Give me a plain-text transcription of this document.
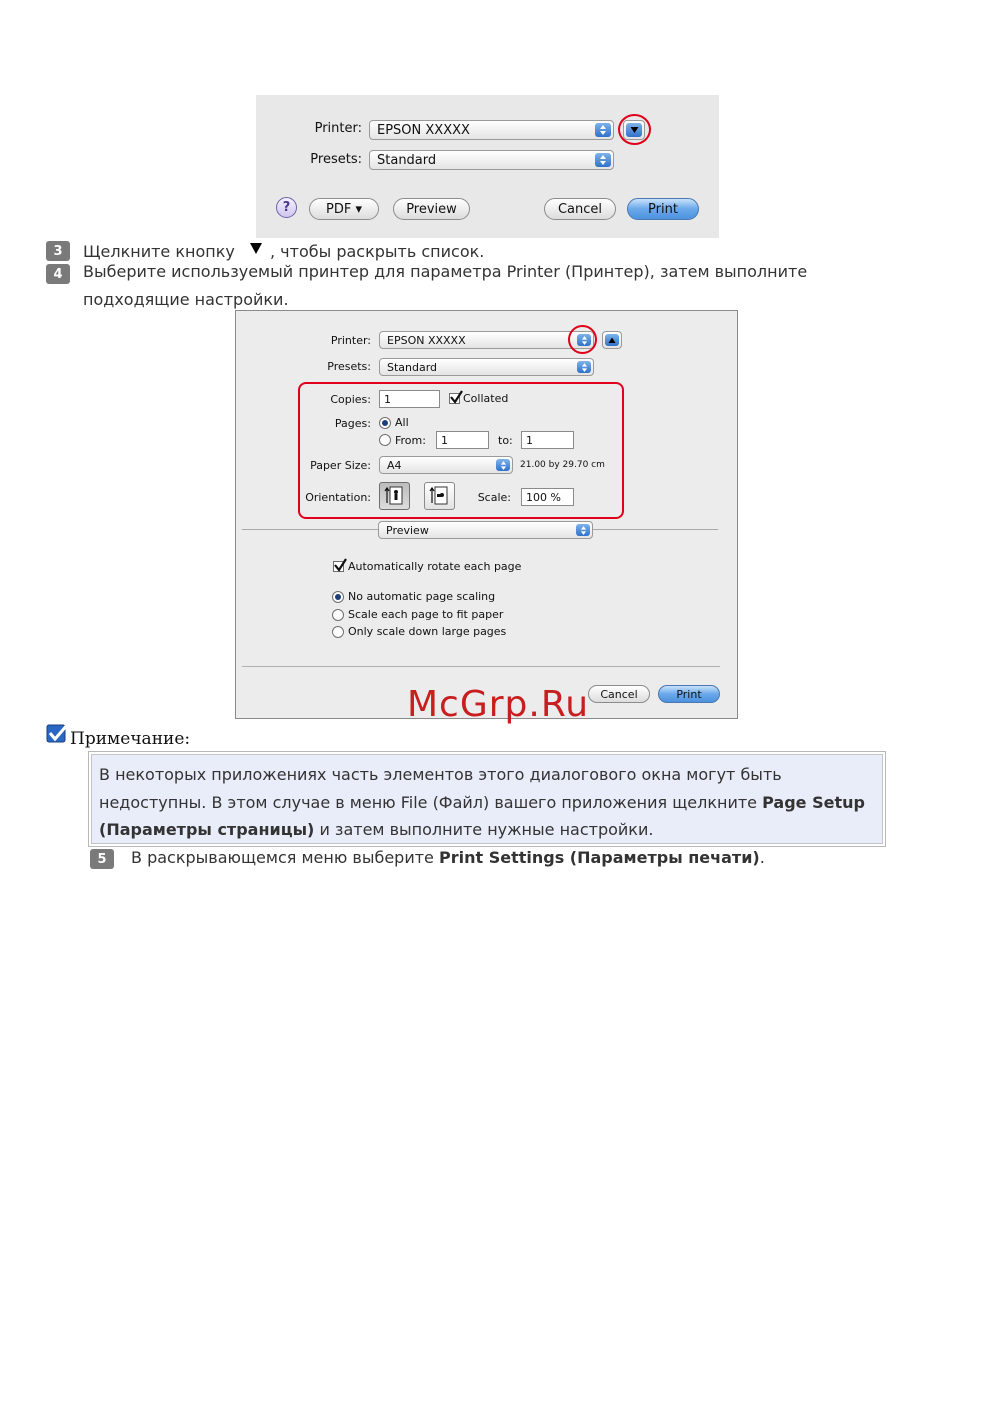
Printer: EPSON XXXXX
Presets: Standard
?	PDF ▾	Preview	Cancel	Print
3 Щелкните кнопку , чтобы раскрыть список.
4 Выберите используемый принтер для параметра Printer (Принтер), затем выполните
подходящие настройки.
Printer: EPSON XXXXX
Presets: Standard
Copies: 1	Collated
Pages: All
From: 1	to: 1
Paper Size: A4	21.00 by 29.70 cm
Orientation:	Scale: 100 %
Preview
Automatically rotate each page
No automatic page scaling
Scale each page to fit paper
Only scale down large pages
Cancel	Print
McGrp.Ru
Примечание:
В некоторых приложениях часть элементов этого диалогового окна могут быть недоступны. В этом случае в меню File (Файл) вашего приложения щелкните Page Setup (Параметры страницы) и затем выполните нужные настройки.
5 В раскрывающемся меню выберите Print Settings (Параметры печати).
